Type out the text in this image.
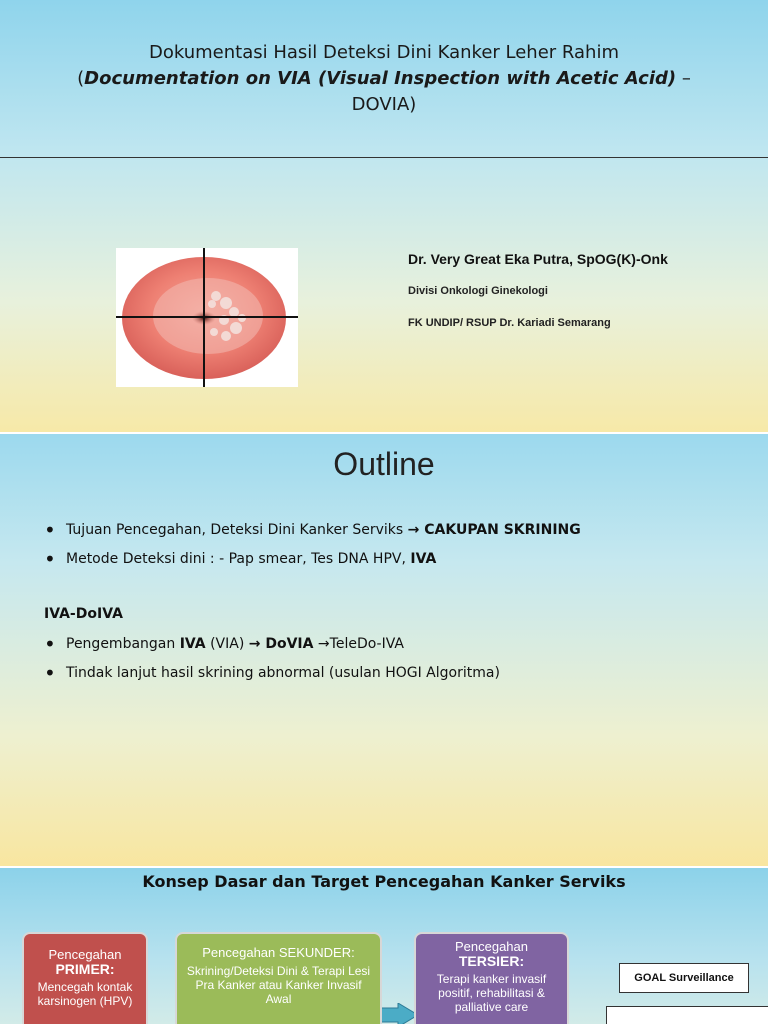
Dokumentasi Hasil Deteksi Dini Kanker Leher Rahim
(Documentation on VIA (Visual Inspection with Acetic Acid) –
DOVIA)
Dr. Very Great Eka Putra, SpOG(K)-Onk
Divisi Onkologi Ginekologi
FK UNDIP/ RSUP Dr. Kariadi Semarang
Outline
• Tujuan Pencegahan, Deteksi Dini Kanker Serviks → CAKUPAN SKRINING
• Metode Deteksi dini : - Pap smear, Tes DNA HPV, IVA
IVA-DoIVA
• Pengembangan IVA (VIA) → DoVIA →TeleDo-IVA
• Tindak lanjut hasil skrining abnormal (usulan HOGI Algoritma)
Konsep Dasar dan Target Pencegahan Kanker Serviks
Pencegahan
PRIMER:
Mencegah kontak karsinogen (HPV)
Pencegahan SEKUNDER:
Skrining/Deteksi Dini & Terapi Lesi Pra Kanker atau Kanker Invasif Awal
Pencegahan
TERSIER:
Terapi kanker invasif positif, rehabilitasi & palliative care
GOAL Surveillance
